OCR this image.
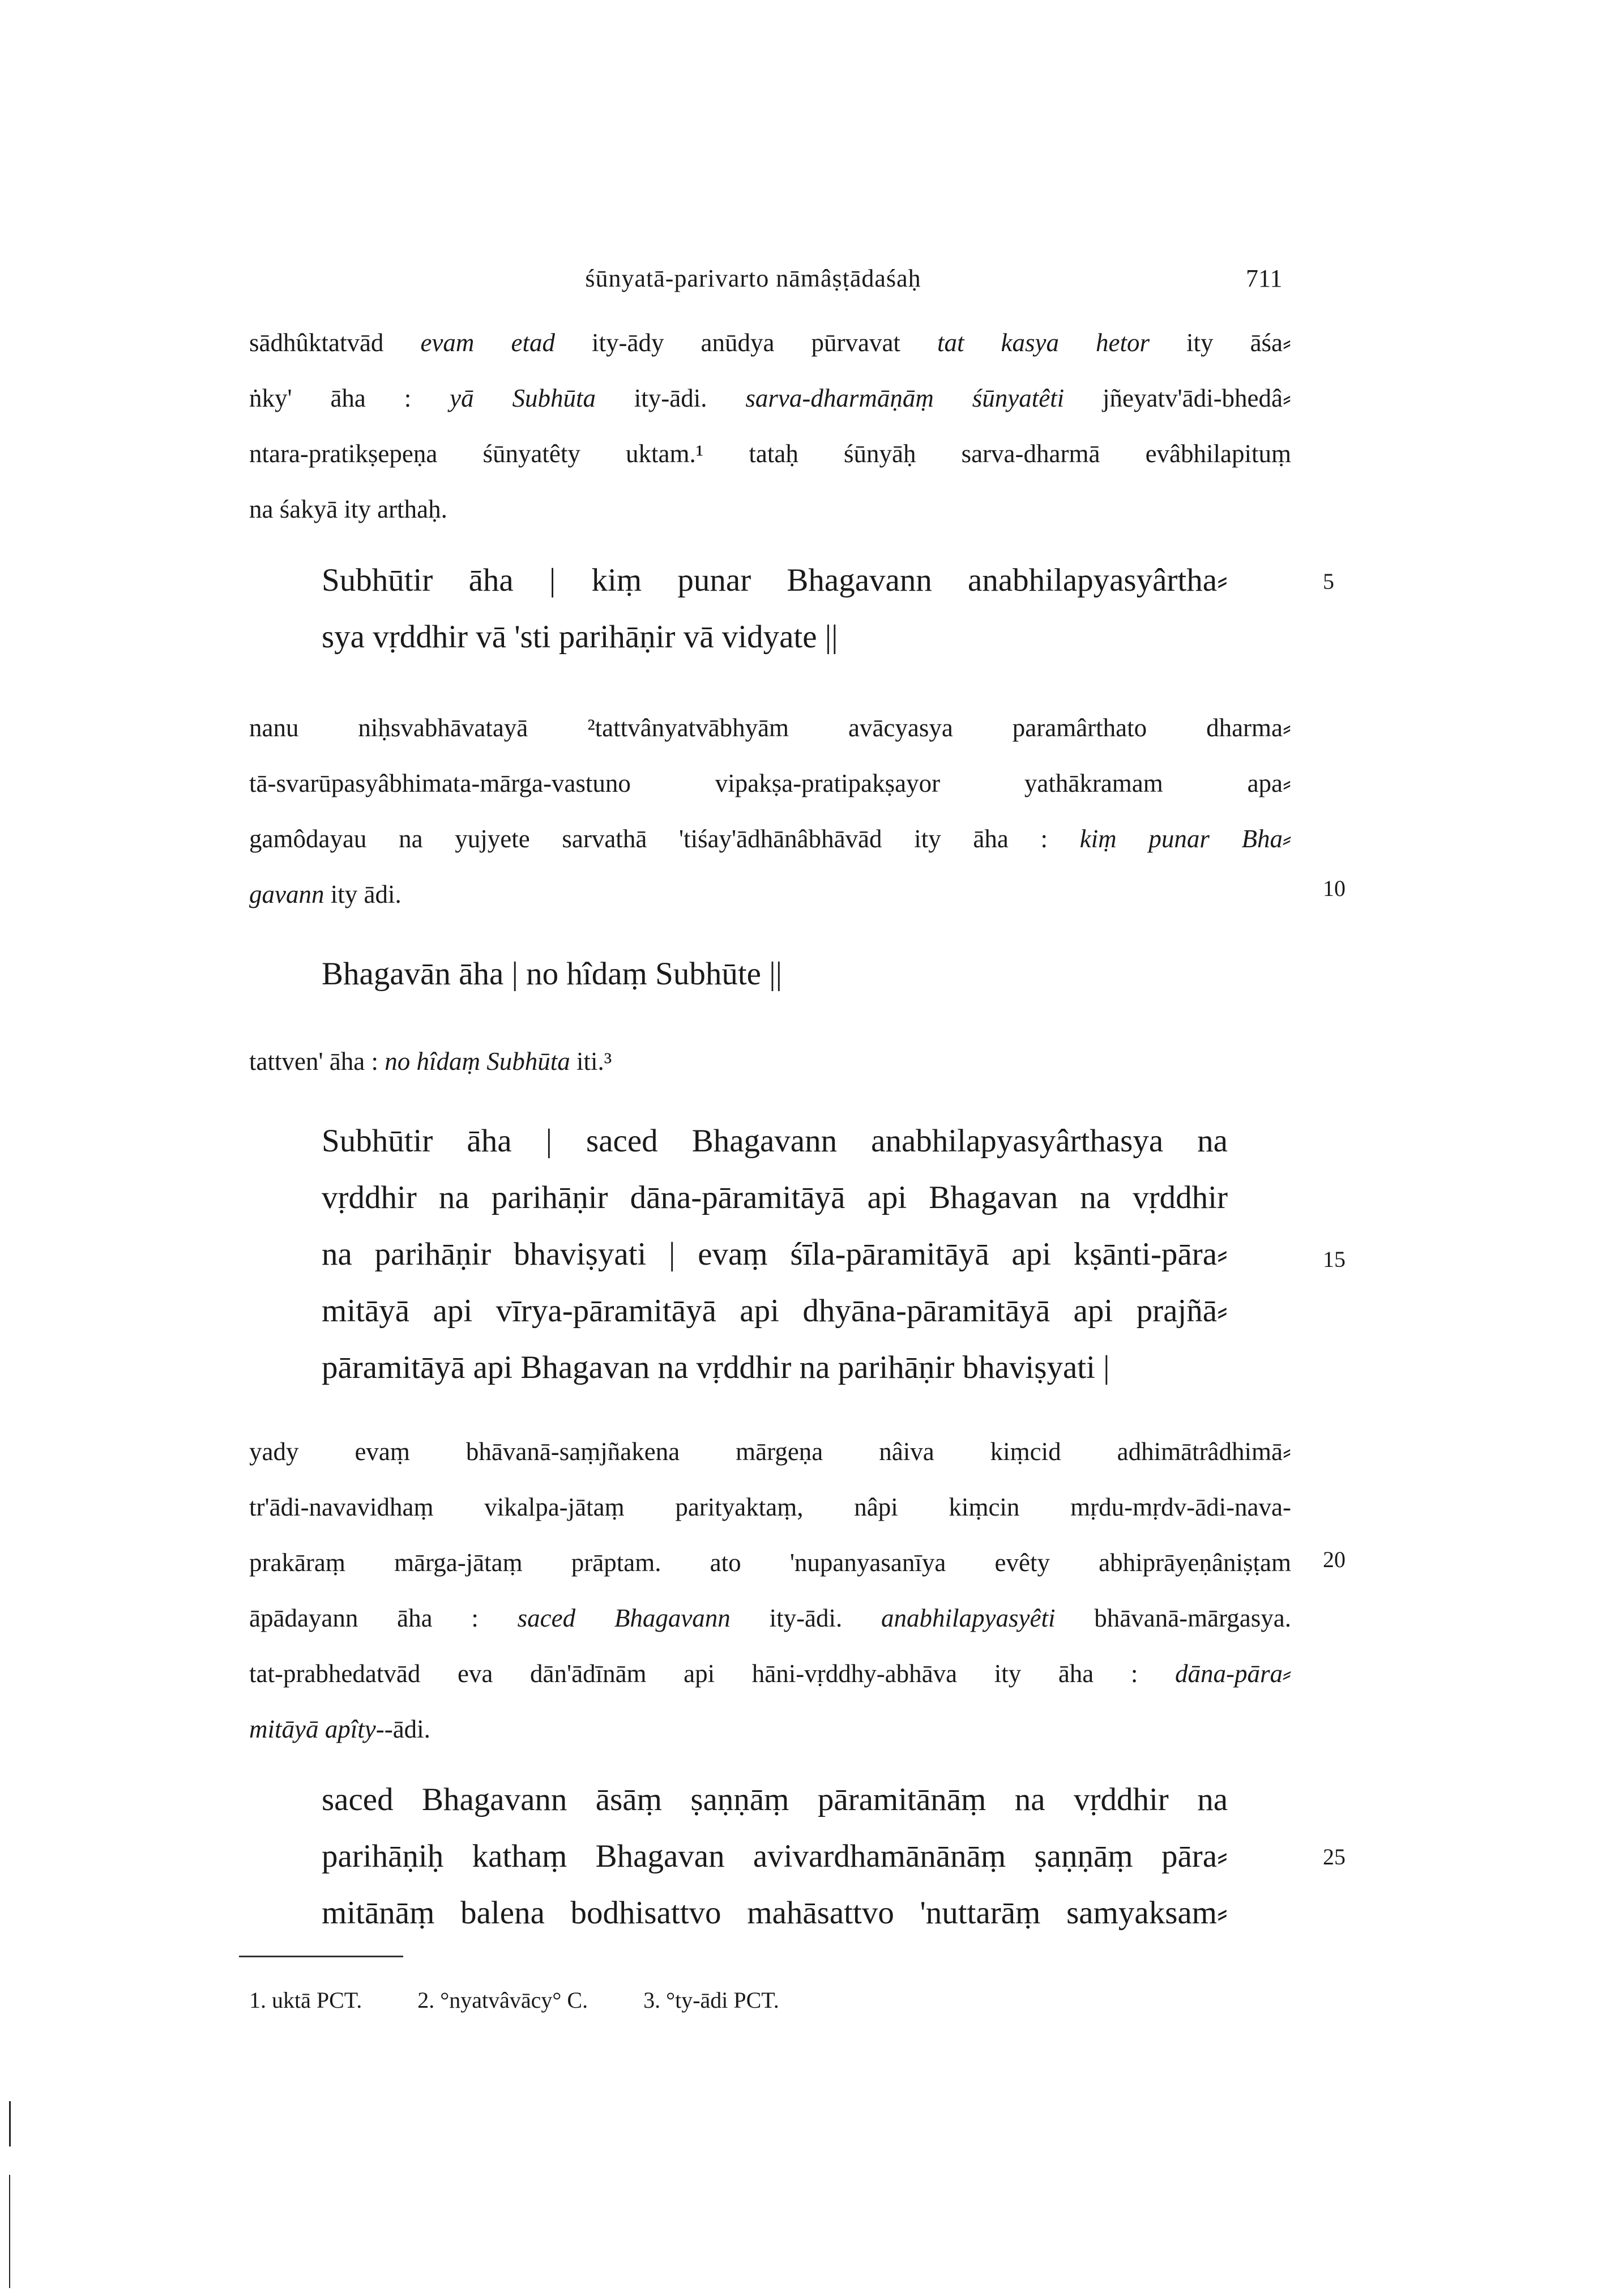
śūnyatā-parivarto nāmâṣṭādaśaḥ	711
sādhûktatvād evam etad ity-ādy anūdya pūrvavat tat kasya hetor ity āśa⸗
ṅky' āha : yā Subhūta ity-ādi. sarva-dharmāṇāṃ śūnyatêti jñeyatv'ādi-bhedâ⸗
ntara-pratikṣepeṇa śūnyatêty uktam.¹ tataḥ śūnyāḥ sarva-dharmā evâbhilapituṃ
na śakyā ity arthaḥ.
Subhūtir āha | kiṃ punar Bhagavann anabhilapyasyârtha⸗
sya vṛddhir vā 'sti parihāṇir vā vidyate ||
5
nanu niḥsvabhāvatayā ²tattvânyatvābhyām avācyasya paramârthato dharma⸗
tā-svarūpasyâbhimata-mārga-vastuno vipakṣa-pratipakṣayor yathākramam apa⸗
gamôdayau na yujyete sarvathā 'tiśay'ādhānâbhāvād ity āha : kiṃ punar Bha⸗
gavann ity ādi.	10
Bhagavān āha | no hîdaṃ Subhūte ||
tattven' āha : no hîdaṃ Subhūta iti.³
Subhūtir āha | saced Bhagavann anabhilapyasyârthasya na
vṛddhir na parihāṇir dāna-pāramitāyā api Bhagavan na vṛddhir
na parihāṇir bhaviṣyati | evaṃ śīla-pāramitāyā api kṣānti-pāra⸗
mitāyā api vīrya-pāramitāyā api dhyāna-pāramitāyā api prajñā⸗
pāramitāyā api Bhagavan na vṛddhir na parihāṇir bhaviṣyati |
15
yady evaṃ bhāvanā-saṃjñakena mārgeṇa nâiva kiṃcid adhimātrâdhimā⸗
tr'ādi-navavidhaṃ vikalpa-jātaṃ parityaktaṃ, nâpi kiṃcin mṛdu-mṛdv-ādi-nava-
prakāraṃ mārga-jātaṃ prāptam. ato 'nupanyasanīya evêty abhiprāyeṇâniṣṭam
āpādayann āha : saced Bhagavann ity-ādi. anabhilapyasyêti bhāvanā-mārgasya.
tat-prabhedatvād eva dān'ādīnām api hāni-vṛddhy-abhāva ity āha : dāna-pāra⸗
mitāyā apîty--ādi.
20
saced Bhagavann āsāṃ ṣaṇṇāṃ pāramitānāṃ na vṛddhir na
parihāṇiḥ kathaṃ Bhagavan avivardhamānānāṃ ṣaṇṇāṃ pāra⸗
mitānāṃ balena bodhisattvo mahāsattvo 'nuttarāṃ samyaksam⸗
25
1. uktā PCT. 2. °nyatvâvācy° C. 3. °ty-ādi PCT.
